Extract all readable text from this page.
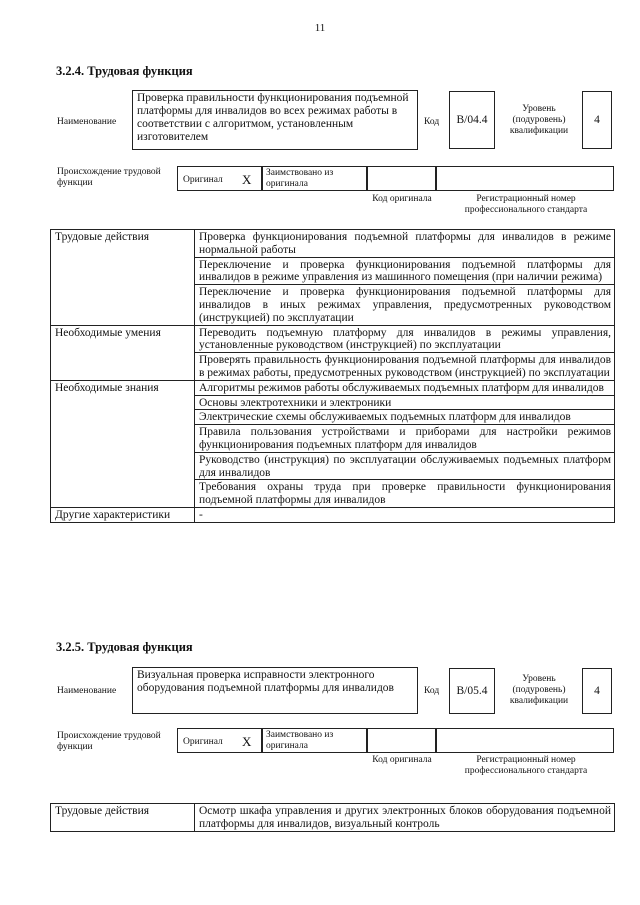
11
3.2.4. Трудовая функция
Наименование
Проверка правильности функционирования подъемной платформы для инвалидов во всех режимах работы в соответствии с алгоритмом, установленным изготовителем
Код	B/04.4
Уровень (подуровень) квалификации
4
Происхождение трудовой функции	Оригинал X	Заимствовано из оригинала
Код оригинала	Регистрационный номер профессионального стандарта
Трудовые действия	Проверка функционирования подъемной платформы для инвалидов в режиме нормальной работы
	Переключение и проверка функционирования подъемной платформы для инвалидов в режиме управления из машинного помещения (при наличии режима)
	Переключение и проверка функционирования подъемной платформы для инвалидов в иных режимах управления, предусмотренных руководством (инструкцией) по эксплуатации
Необходимые умения	Переводить подъемную платформу для инвалидов в режимы управления, установленные руководством (инструкцией) по эксплуатации
	Проверять правильность функционирования подъемной платформы для инвалидов в режимах работы, предусмотренных руководством (инструкцией) по эксплуатации
Необходимые знания	Алгоритмы режимов работы обслуживаемых подъемных платформ для инвалидов
	Основы электротехники и электроники
	Электрические схемы обслуживаемых подъемных платформ для инвалидов
	Правила пользования устройствами и приборами для настройки режимов функционирования подъемных платформ для инвалидов
	Руководство (инструкция) по эксплуатации обслуживаемых подъемных платформ для инвалидов
	Требования охраны труда при проверке правильности функционирования подъемной платформы для инвалидов
Другие характеристики	-
3.2.5. Трудовая функция
Наименование
Визуальная проверка исправности электронного оборудования подъемной платформы для инвалидов	Код	B/05.4
Уровень (подуровень) квалификации
4
Происхождение трудовой функции	Оригинал X	Заимствовано из оригинала
Код оригинала	Регистрационный номер профессионального стандарта
Трудовые действия	Осмотр шкафа управления и других электронных блоков оборудования подъемной платформы для инвалидов, визуальный контроль
